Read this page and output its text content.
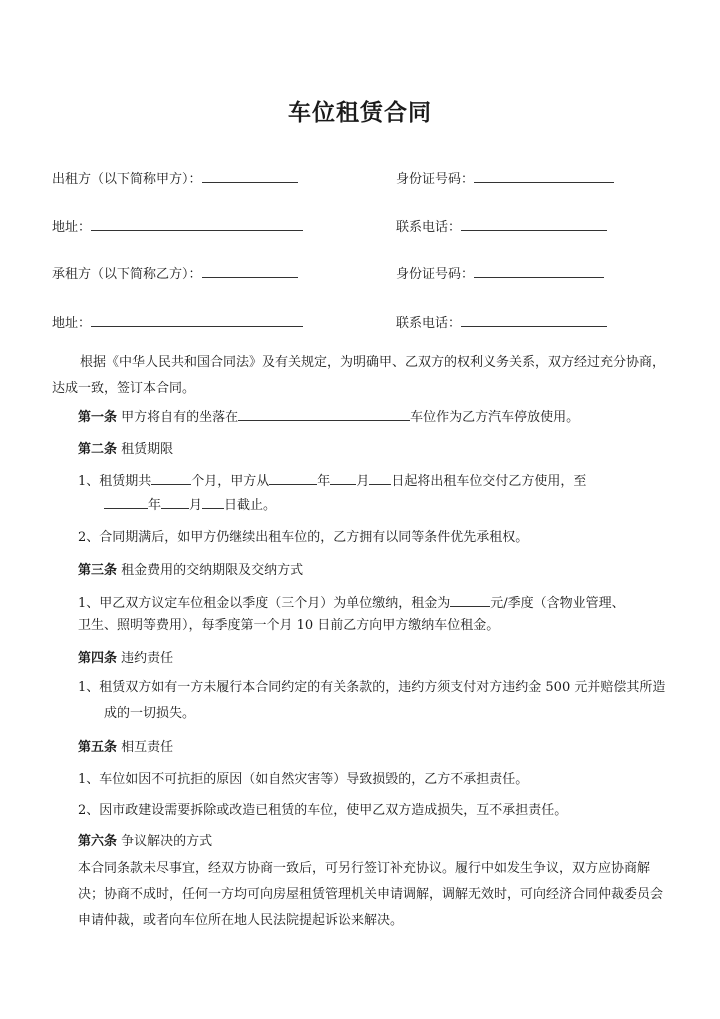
车位租赁合同
出租方（以下简称甲方）：	身份证号码：
地址：	联系电话：
承租方（以下简称乙方）：	身份证号码：
地址：	联系电话：
根据《中华人民共和国合同法》及有关规定，为明确甲、乙双方的权利义务关系，双方经过充分协商，达成一致，签订本合同。
第一条 甲方将自有的坐落在	车位作为乙方汽车停放使用。
第二条 租赁期限
1、租赁期共	个月，甲方从	年 月 日起将出租车位交付乙方使用，至
年 月 日截止。
2、合同期满后，如甲方仍继续出租车位的，乙方拥有以同等条件优先承租权。
第三条 租金费用的交纳期限及交纳方式
1、甲乙双方议定车位租金以季度（三个月）为单位缴纳，租金为	元/季度（含物业管理、
卫生、照明等费用），每季度第一个月 10 日前乙方向甲方缴纳车位租金。
第四条 违约责任
1、租赁双方如有一方未履行本合同约定的有关条款的，违约方须支付对方违约金 500 元并赔偿其所造成的一切损失。
第五条 相互责任
1、车位如因不可抗拒的原因（如自然灾害等）导致损毁的，乙方不承担责任。
2、因市政建设需要拆除或改造已租赁的车位，使甲乙双方造成损失，互不承担责任。
第六条 争议解决的方式
本合同条款未尽事宜，经双方协商一致后，可另行签订补充协议。履行中如发生争议，双方应协商解决；协商不成时，任何一方均可向房屋租赁管理机关申请调解，调解无效时，可向经济合同仲裁委员会申请仲裁，或者向车位所在地人民法院提起诉讼来解决。
